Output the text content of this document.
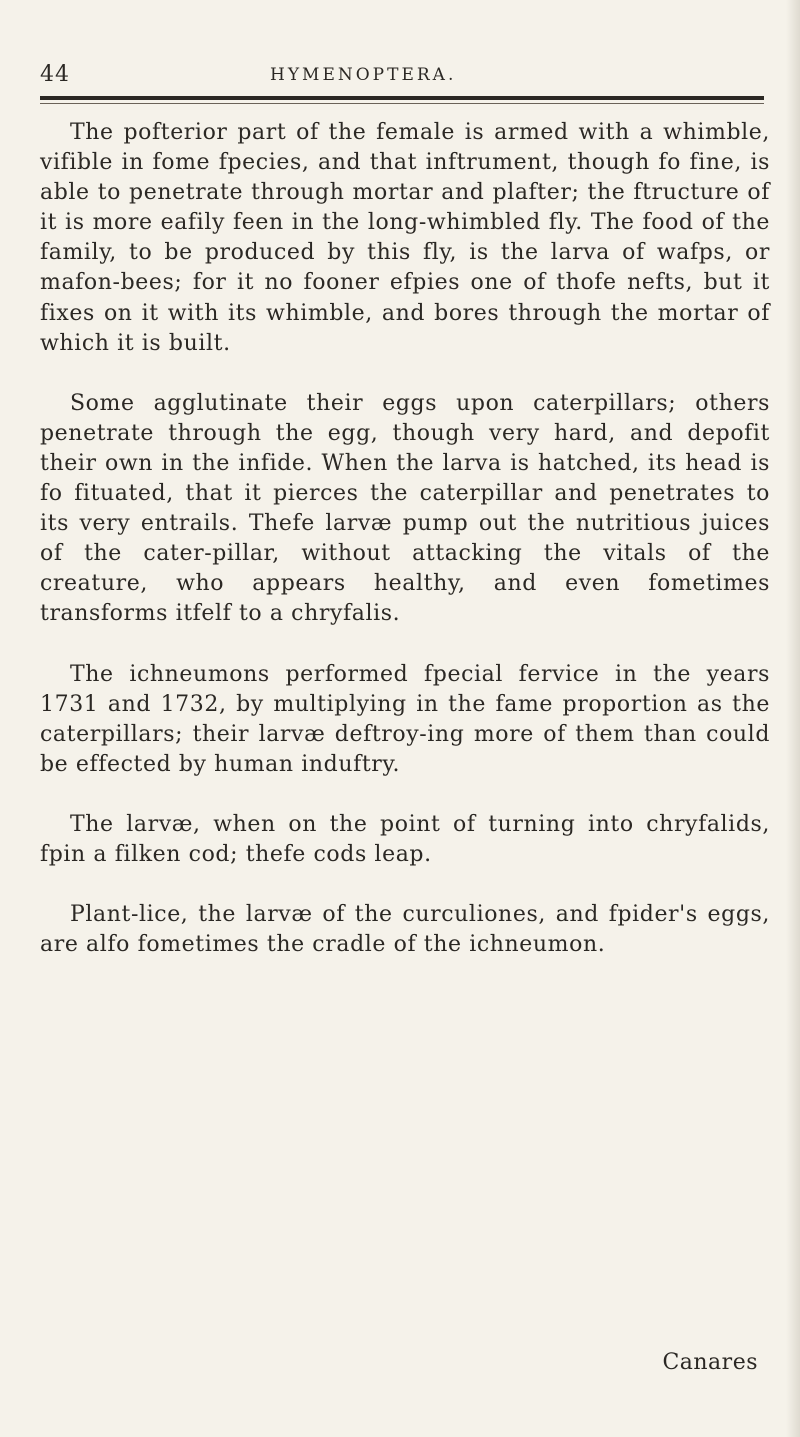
44	HYMENOPTERA.

The pofterior part of the female is armed with a whimble, vifible in fome fpecies, and that inftrument, though fo fine, is able to penetrate through mortar and plafter; the ftructure of it is more eafily feen in the long-whimbled fly. The food of the family, to be produced by this fly, is the larva of wafps, or mafon-bees; for it no fooner efpies one of thofe nefts, but it fixes on it with its whimble, and bores through the mortar of which it is built.

Some agglutinate their eggs upon caterpillars; others penetrate through the egg, though very hard, and depofit their own in the infide. When the larva is hatched, its head is fo fituated, that it pierces the caterpillar and penetrates to its very entrails. Thefe larvæ pump out the nutritious juices of the cater-pillar, without attacking the vitals of the creature, who appears healthy, and even fometimes transforms itfelf to a chryfalis.

The ichneumons performed fpecial fervice in the years 1731 and 1732, by multiplying in the fame proportion as the caterpillars; their larvæ deftroy-ing more of them than could be effected by human induftry.

The larvæ, when on the point of turning into chryfalids, fpin a filken cod; thefe cods leap.

Plant-lice, the larvæ of the curculiones, and fpider's eggs, are alfo fometimes the cradle of the ichneumon.

Canares
